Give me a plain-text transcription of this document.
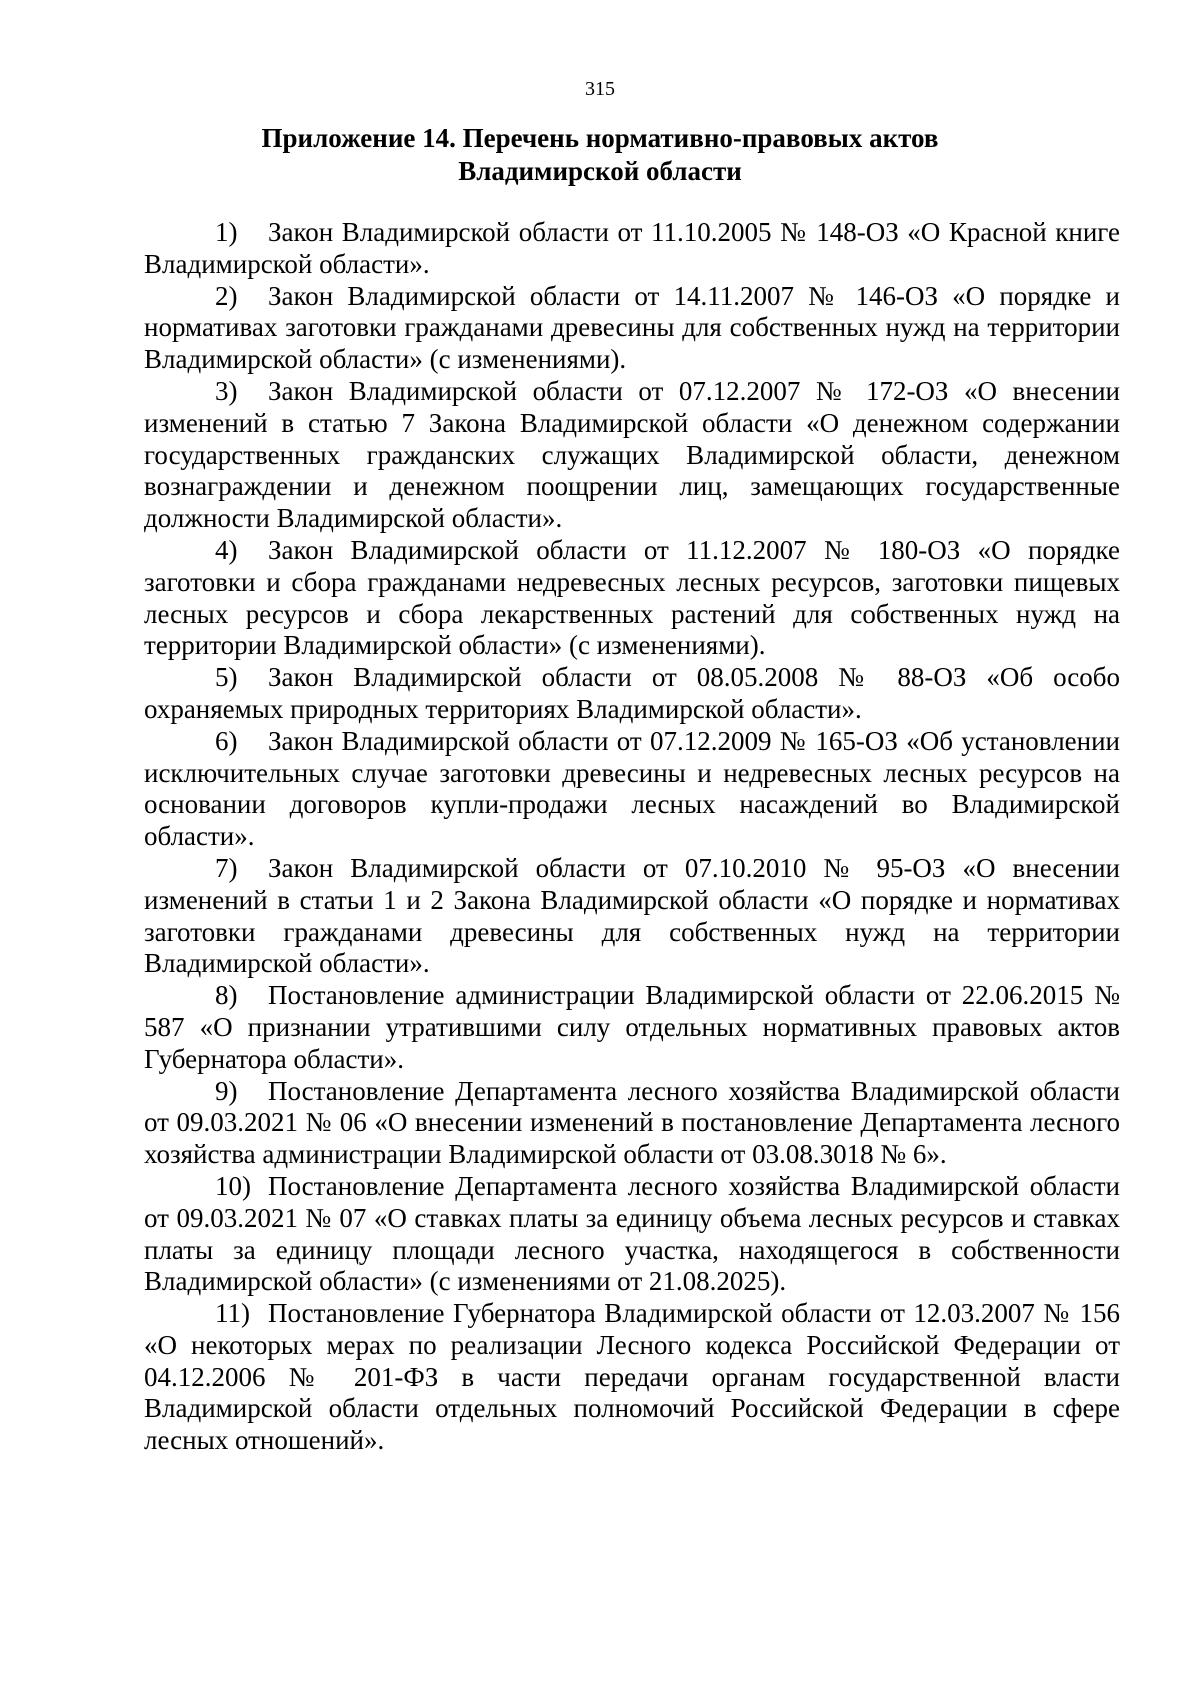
315
Приложение 14. Перечень нормативно-правовых актов
Владимирской области
1) Закон Владимирской области от 11.10.2005 № 148-ОЗ «О Красной книге Владимирской области».
2) Закон Владимирской области от 14.11.2007 № 146-ОЗ «О порядке и нормативах заготовки гражданами древесины для собственных нужд на территории Владимирской области» (с изменениями).
3) Закон Владимирской области от 07.12.2007 № 172-ОЗ «О внесении изменений в статью 7 Закона Владимирской области «О денежном содержании государственных гражданских служащих Владимирской области, денежном вознаграждении и денежном поощрении лиц, замещающих государственные должности Владимирской области».
4) Закон Владимирской области от 11.12.2007 № 180-ОЗ «О порядке заготовки и сбора гражданами недревесных лесных ресурсов, заготовки пищевых лесных ресурсов и сбора лекарственных растений для собственных нужд на территории Владимирской области» (с изменениями).
5) Закон Владимирской области от 08.05.2008 № 88-ОЗ «Об особо охраняемых природных территориях Владимирской области».
6) Закон Владимирской области от 07.12.2009 № 165-ОЗ «Об установлении исключительных случае заготовки древесины и недревесных лесных ресурсов на основании договоров купли-продажи лесных насаждений во Владимирской области».
7) Закон Владимирской области от 07.10.2010 № 95-ОЗ «О внесении изменений в статьи 1 и 2 Закона Владимирской области «О порядке и нормативах заготовки гражданами древесины для собственных нужд на территории Владимирской области».
8) Постановление администрации Владимирской области от 22.06.2015 № 587 «О признании утратившими силу отдельных нормативных правовых актов Губернатора области».
9) Постановление Департамента лесного хозяйства Владимирской области от 09.03.2021 № 06 «О внесении изменений в постановление Департамента лесного хозяйства администрации Владимирской области от 03.08.3018 № 6».
10) Постановление Департамента лесного хозяйства Владимирской области от 09.03.2021 № 07 «О ставках платы за единицу объема лесных ресурсов и ставках платы за единицу площади лесного участка, находящегося в собственности Владимирской области» (с изменениями от 21.08.2025).
11) Постановление Губернатора Владимирской области от 12.03.2007 № 156 «О некоторых мерах по реализации Лесного кодекса Российской Федерации от 04.12.2006 № 201-ФЗ в части передачи органам государственной власти Владимирской области отдельных полномочий Российской Федерации в сфере лесных отношений».
